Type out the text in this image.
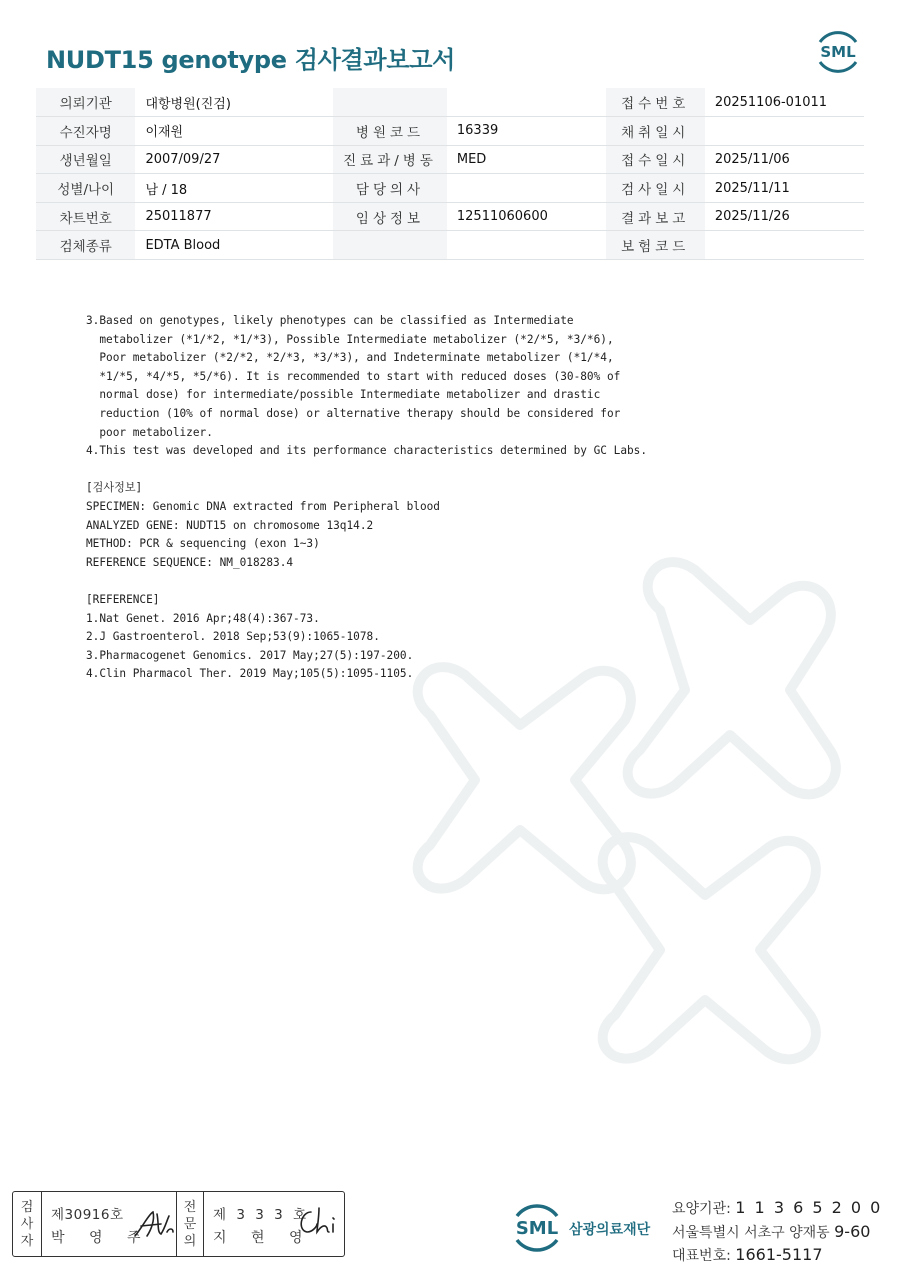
NUDT15 genotype 검사결과보고서	SML
의뢰기관	대항병원(진검)			접수번호	20251106-01011
수진자명	이재원	병원코드	16339	채취일시	
생년월일	2007/09/27	진료과/병동	MED	접수일시	2025/11/06
성별/나이	남 / 18	담당의사		검사일시	2025/11/11
차트번호	25011877	임상정보	12511060600	결과보고	2025/11/26
검체종류	EDTA Blood			보험코드	
3.Based on genotypes, likely phenotypes can be classified as Intermediate
metabolizer (*1/*2, *1/*3), Possible Intermediate metabolizer (*2/*5, *3/*6),
Poor metabolizer (*2/*2, *2/*3, *3/*3), and Indeterminate metabolizer (*1/*4,
*1/*5, *4/*5, *5/*6). It is recommended to start with reduced doses (30-80% of
normal dose) for intermediate/possible Intermediate metabolizer and drastic
reduction (10% of normal dose) or alternative therapy should be considered for
poor metabolizer.
4.This test was developed and its performance characteristics determined by GC Labs.
[검사정보]
SPECIMEN: Genomic DNA extracted from Peripheral blood
ANALYZED GENE: NUDT15 on chromosome 13q14.2
METHOD: PCR & sequencing (exon 1~3)
REFERENCE SEQUENCE: NM_018283.4
[REFERENCE]
1.Nat Genet. 2016 Apr;48(4):367-73.
2.J Gastroenterol. 2018 Sep;53(9):1065-1078.
3.Pharmacogenet Genomics. 2017 May;27(5):197-200.
4.Clin Pharmacol Ther. 2019 May;105(5):1095-1105.
검
사
자
제30916호
박 영 주
전
문
의
제 3 3 3 호
지 현 영	SML 삼광의료재단
요양기관: 1 1 3 6 5 2 0 0
서울특별시 서초구 양재동 9-60
대표번호: 1661-5117
